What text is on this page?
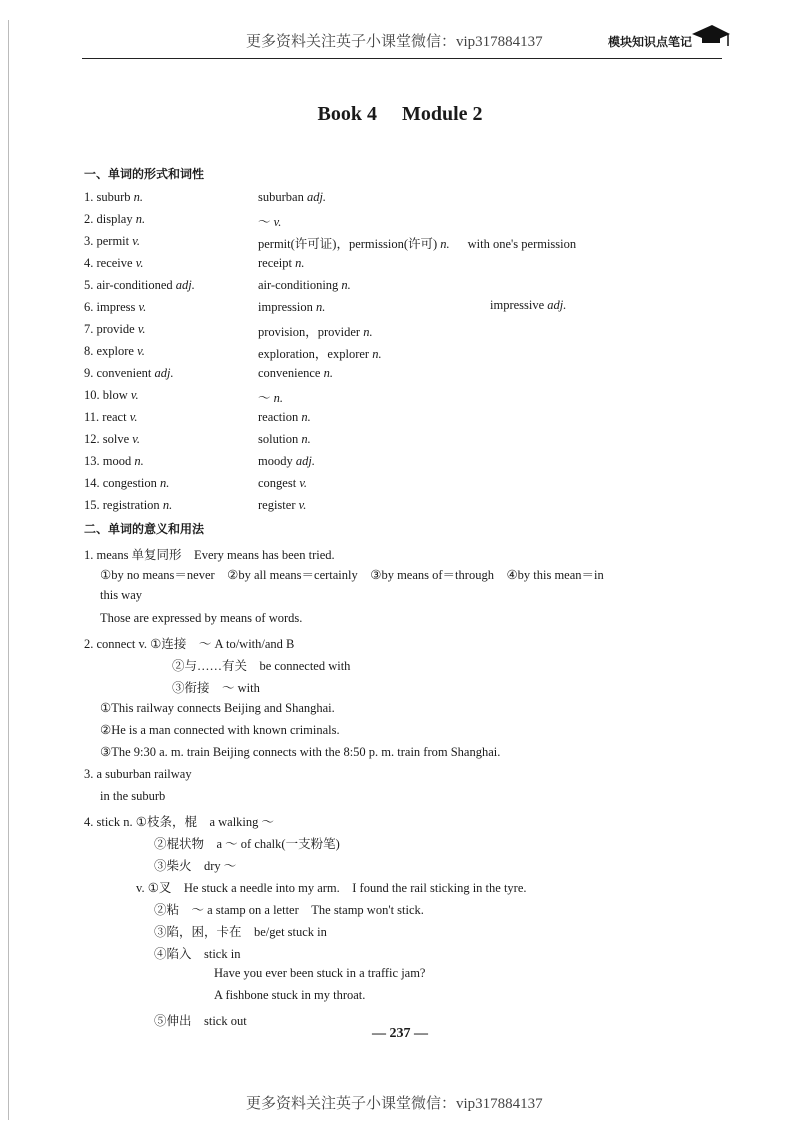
更多资料关注英子小课堂微信：vip317884137	模块知识点笔记
Book 4 Module 2
一、单词的形式和词性
1. suburb n.	suburban adj.
2. display n.	～ v.
3. permit v.	permit(许可证)，permission(许可) n. with one's permission
4. receive v.	receipt n.
5. air-conditioned adj.	air-conditioning n.
6. impress v.	impression n.	impressive adj.
7. provide v.	provision，provider n.
8. explore v.	exploration，explorer n.
9. convenient adj.	convenience n.
10. blow v.	～ n.
11. react v.	reaction n.
12. solve v.	solution n.
13. mood n.	moody adj.
14. congestion n.	congest v.
15. registration n.	register v.
二、单词的意义和用法
1. means 单复同形　Every means has been tried.
①by no means＝never　②by all means＝certainly　③by means of＝through　④by this mean＝in
this way
Those are expressed by means of words.
2. connect v. ①连接　～ A to/with/and B
②与……有关　be connected with
③衔接　～ with
①This railway connects Beijing and Shanghai.
②He is a man connected with known criminals.
③The 9:30 a. m. train Beijing connects with the 8:50 p. m. train from Shanghai.
3. a suburban railway
in the suburb
4. stick n. ①枝条，棍　a walking ～
②棍状物　a ～ of chalk(一支粉笔)
③柴火　dry ～
v. ①叉　He stuck a needle into my arm.　I found the rail sticking in the tyre.
②粘　～ a stamp on a letter　The stamp won't stick.
③陷，困，卡在　be/get stuck in
④陷入　stick in
Have you ever been stuck in a traffic jam?
A fishbone stuck in my throat.
⑤伸出　stick out
— 237 —
更多资料关注英子小课堂微信：vip317884137
